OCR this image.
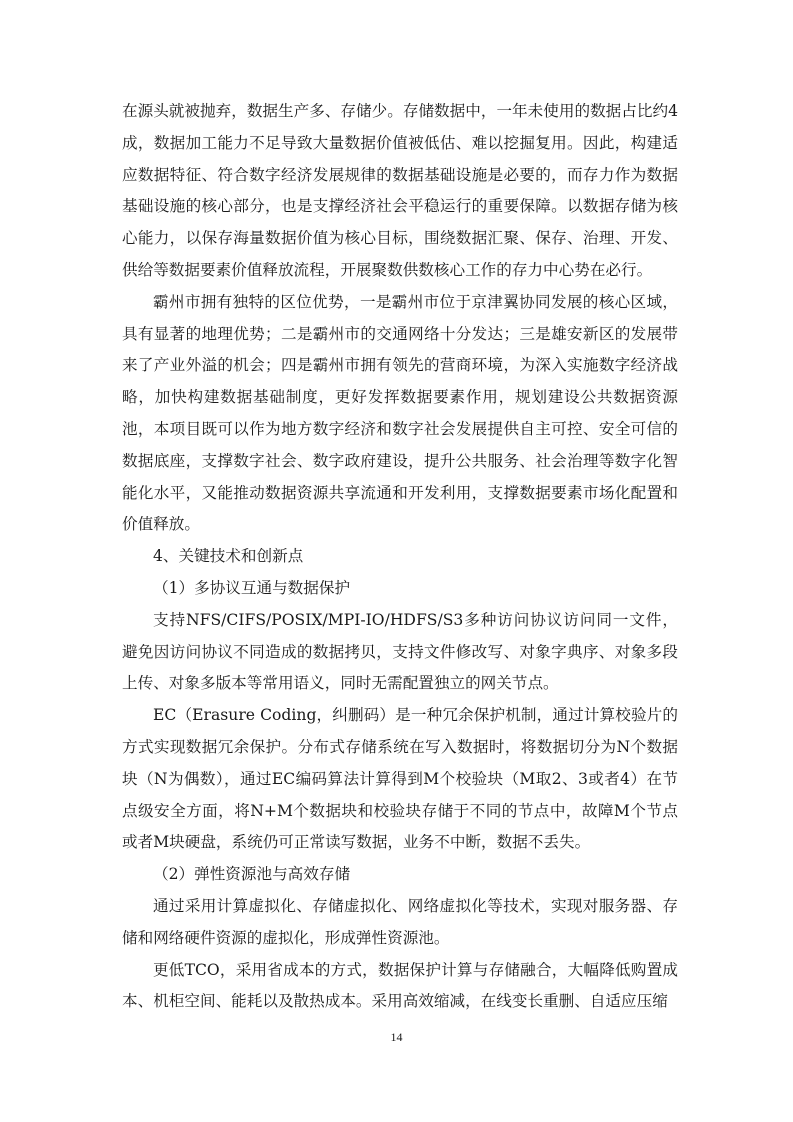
在源头就被抛弃，数据生产多、存储少。存储数据中，一年未使用的数据占比约4成，数据加工能力不足导致大量数据价值被低估、难以挖掘复用。因此，构建适应数据特征、符合数字经济发展规律的数据基础设施是必要的，而存力作为数据基础设施的核心部分，也是支撑经济社会平稳运行的重要保障。以数据存储为核心能力，以保存海量数据价值为核心目标，围绕数据汇聚、保存、治理、开发、供给等数据要素价值释放流程，开展聚数供数核心工作的存力中心势在必行。

霸州市拥有独特的区位优势，一是霸州市位于京津翼协同发展的核心区域，具有显著的地理优势；二是霸州市的交通网络十分发达；三是雄安新区的发展带来了产业外溢的机会；四是霸州市拥有领先的营商环境，为深入实施数字经济战略，加快构建数据基础制度，更好发挥数据要素作用，规划建设公共数据资源池，本项目既可以作为地方数字经济和数字社会发展提供自主可控、安全可信的数据底座，支撑数字社会、数字政府建设，提升公共服务、社会治理等数字化智能化水平，又能推动数据资源共享流通和开发利用，支撑数据要素市场化配置和价值释放。

4、关键技术和创新点

（1）多协议互通与数据保护

支持NFS/CIFS/POSIX/MPI-IO/HDFS/S3多种访问协议访问同一文件，避免因访问协议不同造成的数据拷贝，支持文件修改写、对象字典序、对象多段上传、对象多版本等常用语义，同时无需配置独立的网关节点。

EC（Erasure Coding，纠删码）是一种冗余保护机制，通过计算校验片的方式实现数据冗余保护。分布式存储系统在写入数据时，将数据切分为N个数据块（N为偶数），通过EC编码算法计算得到M个校验块（M取2、3或者4）在节点级安全方面，将N+M个数据块和校验块存储于不同的节点中，故障M个节点或者M块硬盘，系统仍可正常读写数据，业务不中断，数据不丢失。

（2）弹性资源池与高效存储

通过采用计算虚拟化、存储虚拟化、网络虚拟化等技术，实现对服务器、存储和网络硬件资源的虚拟化，形成弹性资源池。

更低TCO，采用省成本的方式，数据保护计算与存储融合，大幅降低购置成本、机柜空间、能耗以及散热成本。采用高效缩减，在线变长重删、自适应压缩

14
